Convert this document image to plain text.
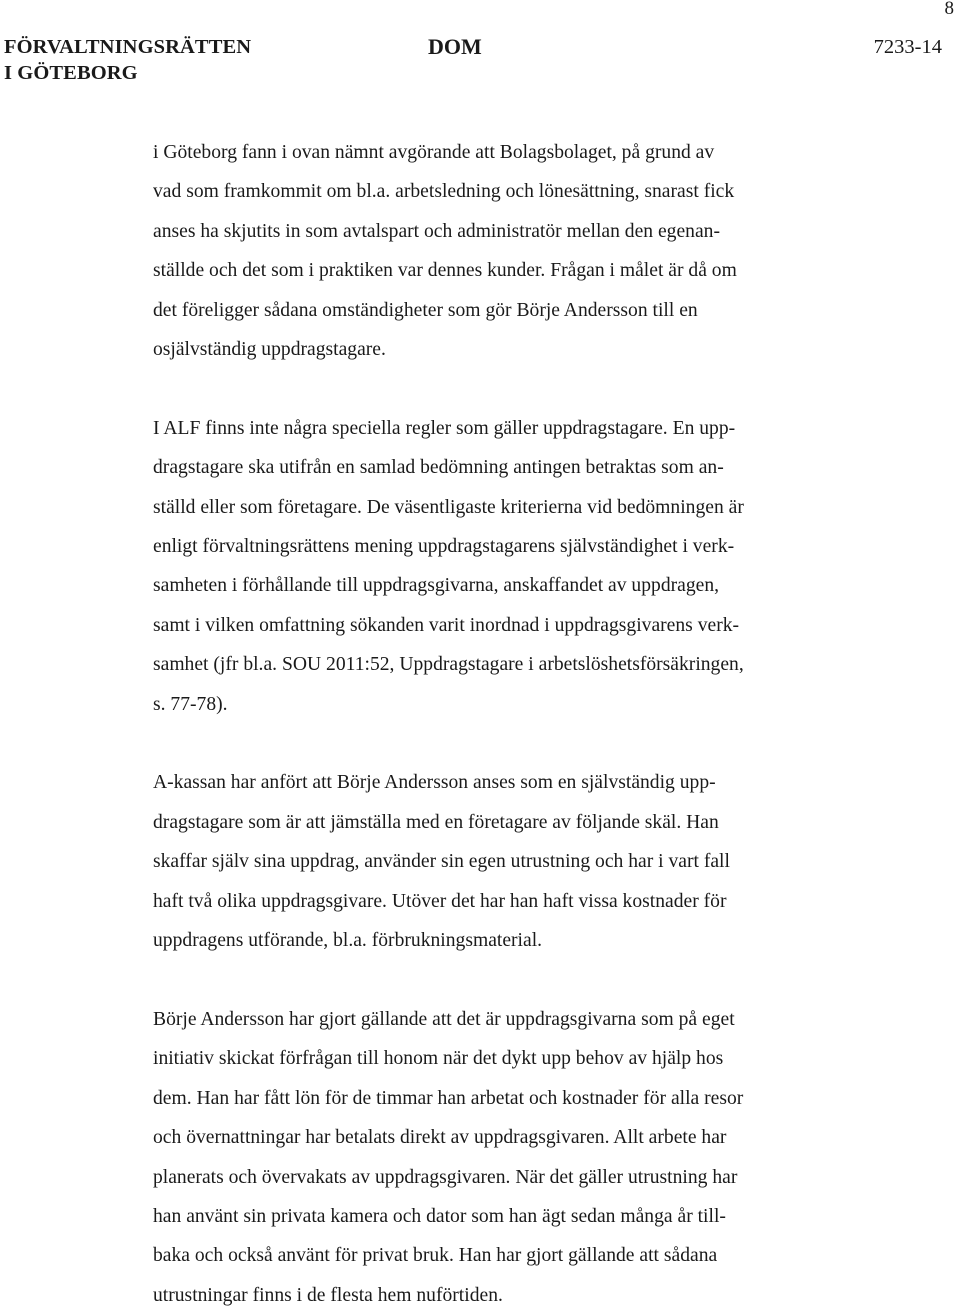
8
FÖRVALTNINGSRÄTTEN
I GÖTEBORG
DOM	7233-14

i Göteborg fann i ovan nämnt avgörande att Bolagsbolaget, på grund av
vad som framkommit om bl.a. arbetsledning och lönesättning, snarast fick
anses ha skjutits in som avtalspart och administratör mellan den egenan-
ställde och det som i praktiken var dennes kunder. Frågan i målet är då om
det föreligger sådana omständigheter som gör Börje Andersson till en
osjälvständig uppdragstagare.

I ALF finns inte några speciella regler som gäller uppdragstagare. En upp-
dragstagare ska utifrån en samlad bedömning antingen betraktas som an-
ställd eller som företagare. De väsentligaste kriterierna vid bedömningen är
enligt förvaltningsrättens mening uppdragstagarens självständighet i verk-
samheten i förhållande till uppdragsgivarna, anskaffandet av uppdragen,
samt i vilken omfattning sökanden varit inordnad i uppdragsgivarens verk-
samhet (jfr bl.a. SOU 2011:52, Uppdragstagare i arbetslöshetsförsäkringen,
s. 77-78).

A-kassan har anfört att Börje Andersson anses som en självständig upp-
dragstagare som är att jämställa med en företagare av följande skäl. Han
skaffar själv sina uppdrag, använder sin egen utrustning och har i vart fall
haft två olika uppdragsgivare. Utöver det har han haft vissa kostnader för
uppdragens utförande, bl.a. förbrukningsmaterial.

Börje Andersson har gjort gällande att det är uppdragsgivarna som på eget
initiativ skickat förfrågan till honom när det dykt upp behov av hjälp hos
dem. Han har fått lön för de timmar han arbetat och kostnader för alla resor
och övernattningar har betalats direkt av uppdragsgivaren. Allt arbete har
planerats och övervakats av uppdragsgivaren. När det gäller utrustning har
han använt sin privata kamera och dator som han ägt sedan många år till-
baka och också använt för privat bruk. Han har gjort gällande att sådana
utrustningar finns i de flesta hem nuförtiden.
